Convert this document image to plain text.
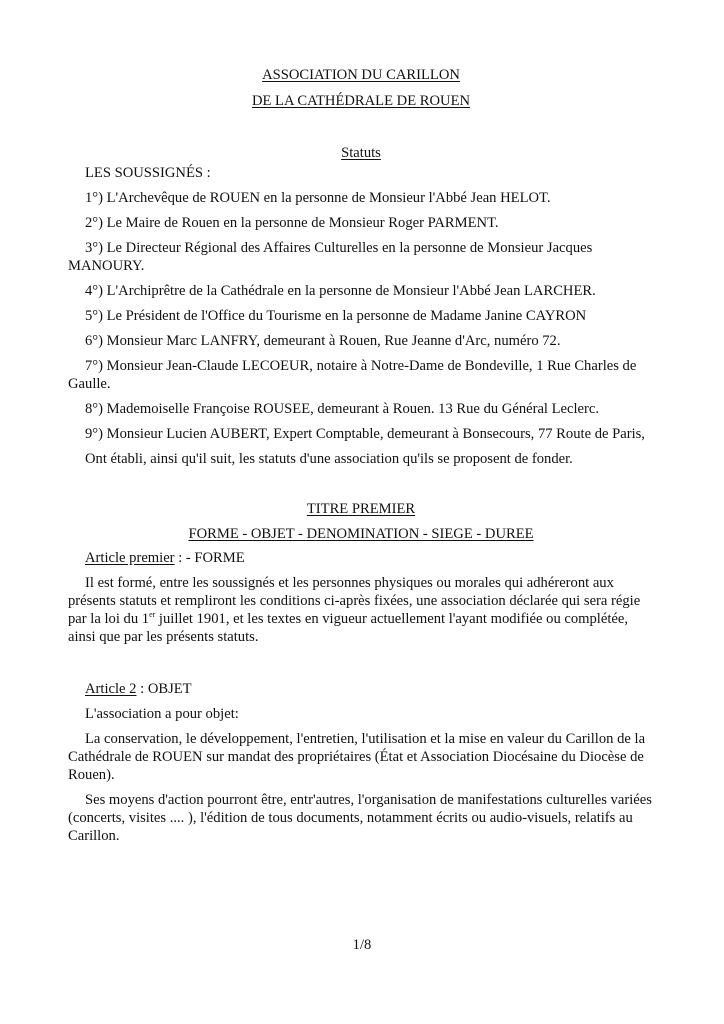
ASSOCIATION DU CARILLON
DE LA CATHÉDRALE DE ROUEN
Statuts

LES SOUSSIGNÉS :

1°) L'Archevêque de ROUEN en la personne de Monsieur l'Abbé Jean HELOT.

2°) Le Maire de Rouen en la personne de Monsieur Roger PARMENT.

3°) Le Directeur Régional des Affaires Culturelles en la personne de Monsieur Jacques MANOURY.

4°) L'Archiprêtre de la Cathédrale en la personne de Monsieur l'Abbé Jean LARCHER.

5°) Le Président de l'Office du Tourisme en la personne de Madame Janine CAYRON

6°) Monsieur Marc LANFRY, demeurant à Rouen, Rue Jeanne d'Arc, numéro 72.

7°) Monsieur Jean-Claude LECOEUR, notaire à Notre-Dame de Bondeville, 1 Rue Charles de Gaulle.

8°) Mademoiselle Françoise ROUSEE, demeurant à Rouen. 13 Rue du Général Leclerc.

9°) Monsieur Lucien AUBERT, Expert Comptable, demeurant à Bonsecours, 77 Route de Paris,

Ont établi, ainsi qu'il suit, les statuts d'une association qu'ils se proposent de fonder.

TITRE PREMIER
FORME - OBJET - DENOMINATION - SIEGE - DUREE

Article premier : - FORME

Il est formé, entre les soussignés et les personnes physiques ou morales qui adhéreront aux présents statuts et rempliront les conditions ci-après fixées, une association déclarée qui sera régie par la loi du 1er juillet 1901, et les textes en vigueur actuellement l'ayant modifiée ou complétée, ainsi que par les présents statuts.

Article 2 : OBJET

L'association a pour objet:

La conservation, le développement, l'entretien, l'utilisation et la mise en valeur du Carillon de la Cathédrale de ROUEN sur mandat des propriétaires (État et Association Diocésaine du Diocèse de Rouen).

Ses moyens d'action pourront être, entr'autres, l'organisation de manifestations culturelles variées (concerts, visites .... ), l'édition de tous documents, notamment écrits ou audio-visuels, relatifs au Carillon.

1/8
